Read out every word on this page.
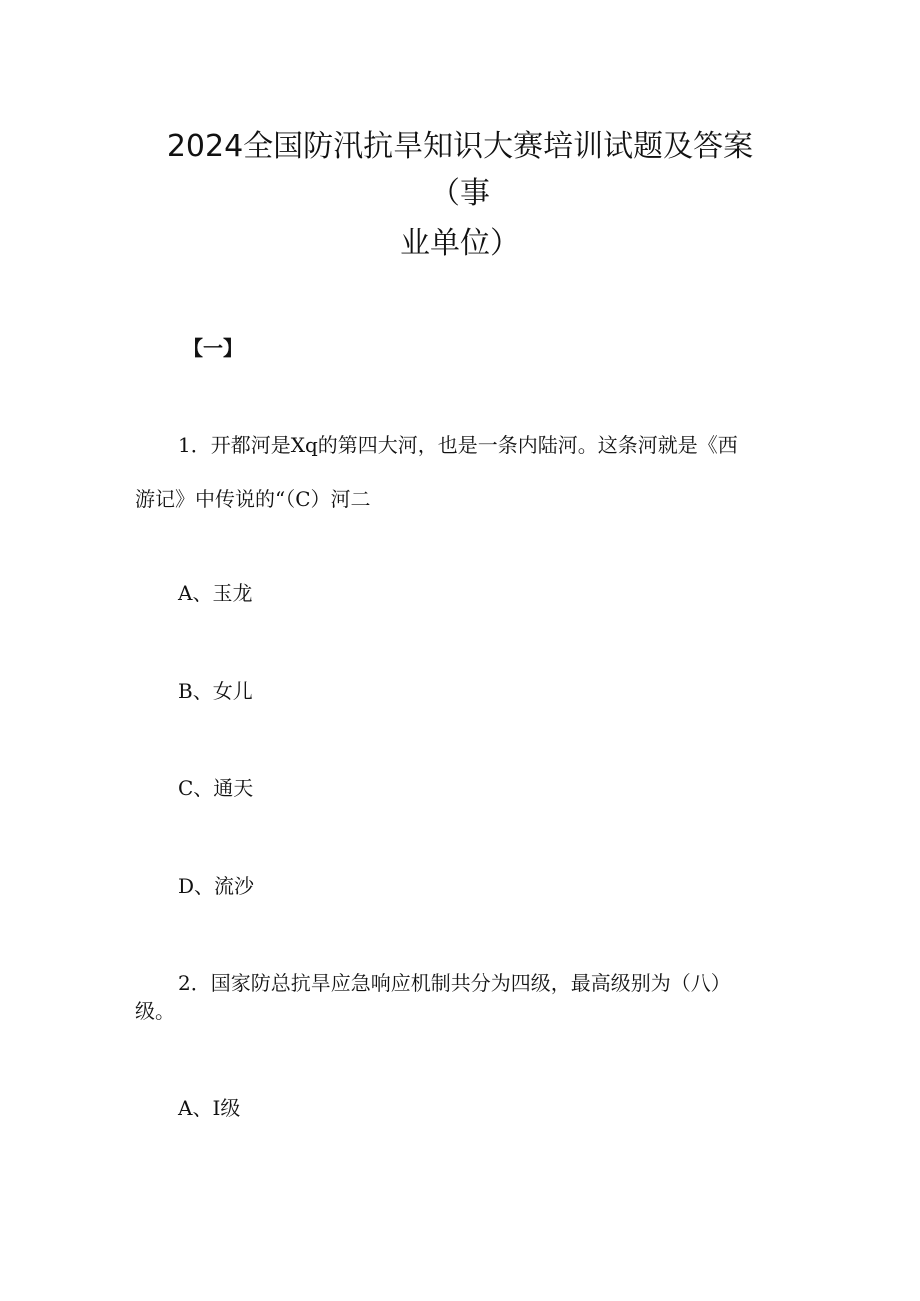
2024全国防汛抗旱知识大赛培训试题及答案
（事
业单位）
【一】
1．开都河是Xq的第四大河，也是一条内陆河。这条河就是《西
游记》中传说的“（C）河二
A、玉龙
B、女儿
C、通天
D、流沙
2．国家防总抗旱应急响应机制共分为四级，最高级别为（八）
级。
A、I级
